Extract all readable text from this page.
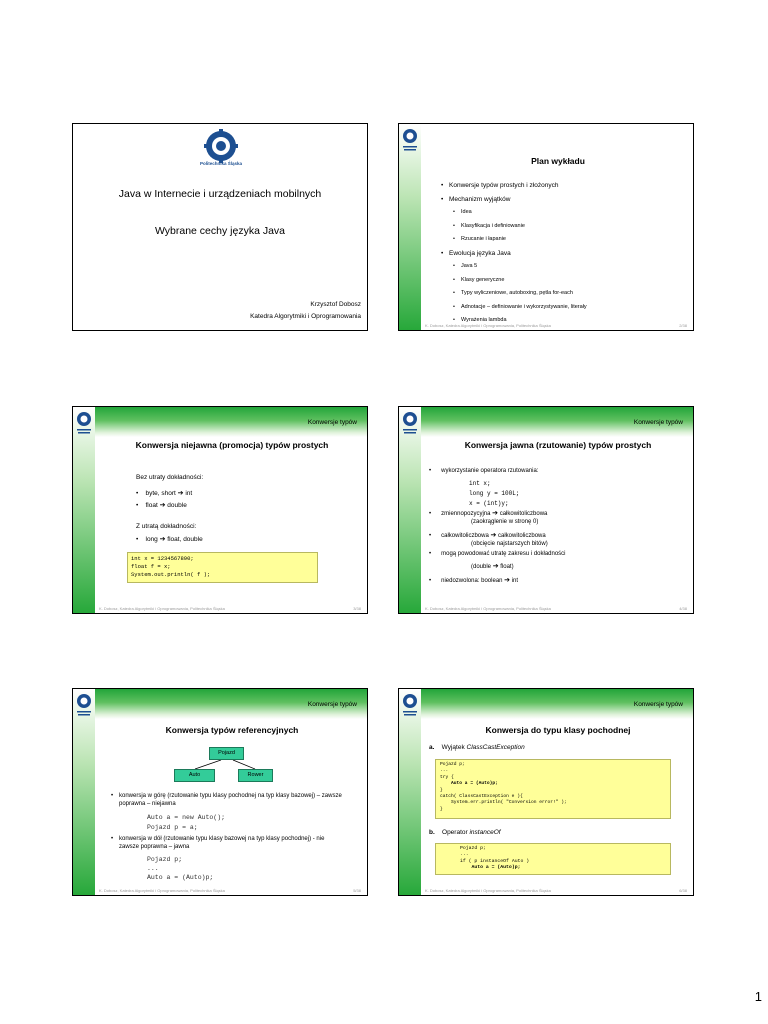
Politechnika Śląska
Java w Internecie i urządzeniach mobilnych
Wybrane cechy języka Java
Krzysztof Dobosz
Katedra Algorytmiki i Oprogramowania
Plan wykładu
• Konwersje typów prostych i złożonych
• Mechanizm wyjątków
• Idea
• Klasyfikacja i definiowanie
• Rzucanie i łapanie
• Ewolucja języka Java
• Java 5
• Klasy generyczne
• Typy wyliczeniowe, autoboxing, pętla for-each
• Adnotacje – definiowanie i wykorzystywanie, literały
• Wyrażenia lambda
K. Dobosz, Katedra Algorytmiki i Oprogramowania, Politechnika Śląska	2/38
Konwersje typów
Konwersja niejawna (promocja) typów prostych
Bez utraty dokładności:
•    byte, short ➔ int
•    float ➔ double
Z utratą dokładności:
•    long ➔ float, double
int x = 1234567890;
float f = x;
System.out.println( f );
K. Dobosz, Katedra Algorytmiki i Oprogramowania, Politechnika Śląska	3/38
Konwersje typów
Konwersja jawna (rzutowanie) typów prostych
•      wykorzystanie operatora rzutowania:
int x;
long y = 100L;
x = (int)y;
•      zmiennopozycyjna ➔ całkowitoliczbowa
(zaokrąglenie w stronę 0)
•      całkowitoliczbowa ➔ całkowitoliczbowa
(obcięcie najstarszych bitów)
•      mogą powodować utratę zakresu i dokładności
(double ➔ float)
•      niedozwolona: boolean ➔ int
K. Dobosz, Katedra Algorytmiki i Oprogramowania, Politechnika Śląska	4/38
Konwersje typów
Konwersja typów referencyjnych
Pojazd
Auto	Rower
• konwersja w górę (rzutowanie typu klasy pochodnej na typ klasy bazowej) – zawsze poprawna – niejawna
Auto a = new Auto();
Pojazd p = a;
• konwersja w dół (rzutowanie typu klasy bazowej na typ klasy pochodnej) - nie zawsze poprawna – jawna
Pojazd p;
...
Auto a = (Auto)p;
K. Dobosz, Katedra Algorytmiki i Oprogramowania, Politechnika Śląska	5/38
Konwersje typów
Konwersja do typu klasy pochodnej
a. Wyjątek ClassCastException
Pojazd p;
...
try {
Auto a = (Auto)p;
}
catch( ClassCastException e ){
System.err.println( "Conversion error!" );
}
b. Operator instanceOf
Pojazd p;
...
if ( p instanceOf Auto )
Auto a = (Auto)p;
K. Dobosz, Katedra Algorytmiki i Oprogramowania, Politechnika Śląska	6/38
1
